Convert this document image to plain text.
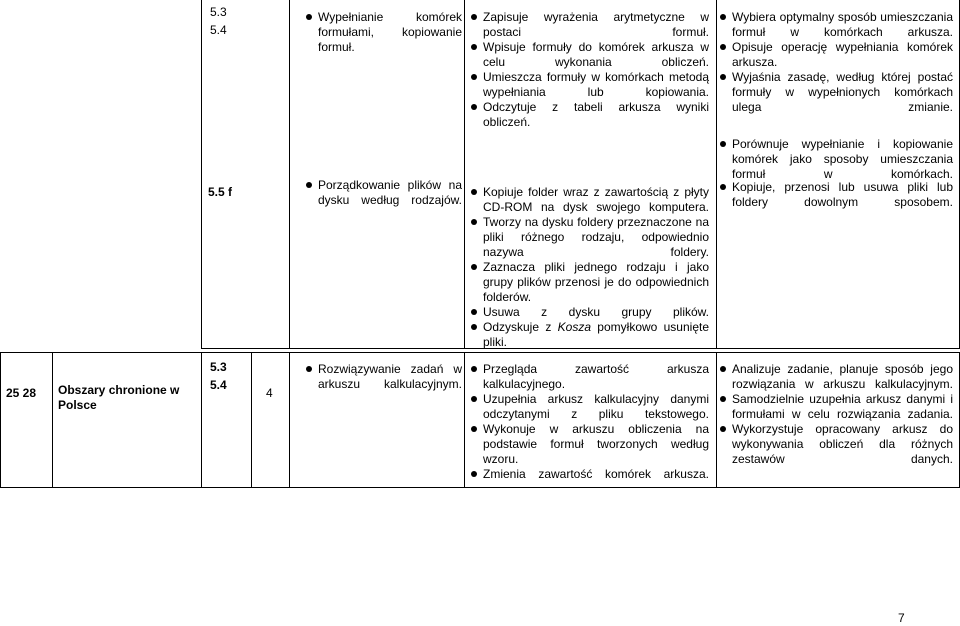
5.3
5.4
Wypełnianie komórek formułami, kopiowanie formuł.
Zapisuje wyrażenia arytmetyczne w postaci formuł.
Wpisuje formuły do komórek arkusza w celu wykonania obliczeń.
Umieszcza formuły w komórkach metodą wypełniania lub kopiowania.
Odczytuje z tabeli arkusza wyniki obliczeń.
Wybiera optymalny sposób umieszczania formuł w komórkach arkusza.
Opisuje operację wypełniania komórek arkusza.
Wyjaśnia zasadę, według której postać formuły w wypełnionych komórkach ulega zmianie.
Porównuje wypełnianie i kopiowanie komórek jako sposoby umieszczania formuł w komórkach.
5.5 f	Porządkowanie plików na dysku według rodzajów.
Kopiuje folder wraz z zawartością z płyty CD-ROM na dysk swojego komputera.
Tworzy na dysku foldery przeznaczone na pliki różnego rodzaju, odpowiednio nazywa foldery.
Zaznacza pliki jednego rodzaju i jako grupy plików przenosi je do odpowiednich folderów.
Usuwa z dysku grupy plików.
Odzyskuje z Kosza pomyłkowo usunięte pliki.
Kopiuje, przenosi lub usuwa pliki lub foldery dowolnym sposobem.
25 28 Obszary chronione w Polsce
5.3
5.4
4
Rozwiązywanie zadań w arkuszu kalkulacyjnym.
Przegląda zawartość arkusza kalkulacyjnego.
Uzupełnia arkusz kalkulacyjny danymi odczytanymi z pliku tekstowego.
Wykonuje w arkuszu obliczenia na podstawie formuł tworzonych według wzoru.
Zmienia zawartość komórek arkusza.
Analizuje zadanie, planuje sposób jego rozwiązania w arkuszu kalkulacyjnym.
Samodzielnie uzupełnia arkusz danymi i formułami w celu rozwiązania zadania.
Wykorzystuje opracowany arkusz do wykonywania obliczeń dla różnych zestawów danych.
7
